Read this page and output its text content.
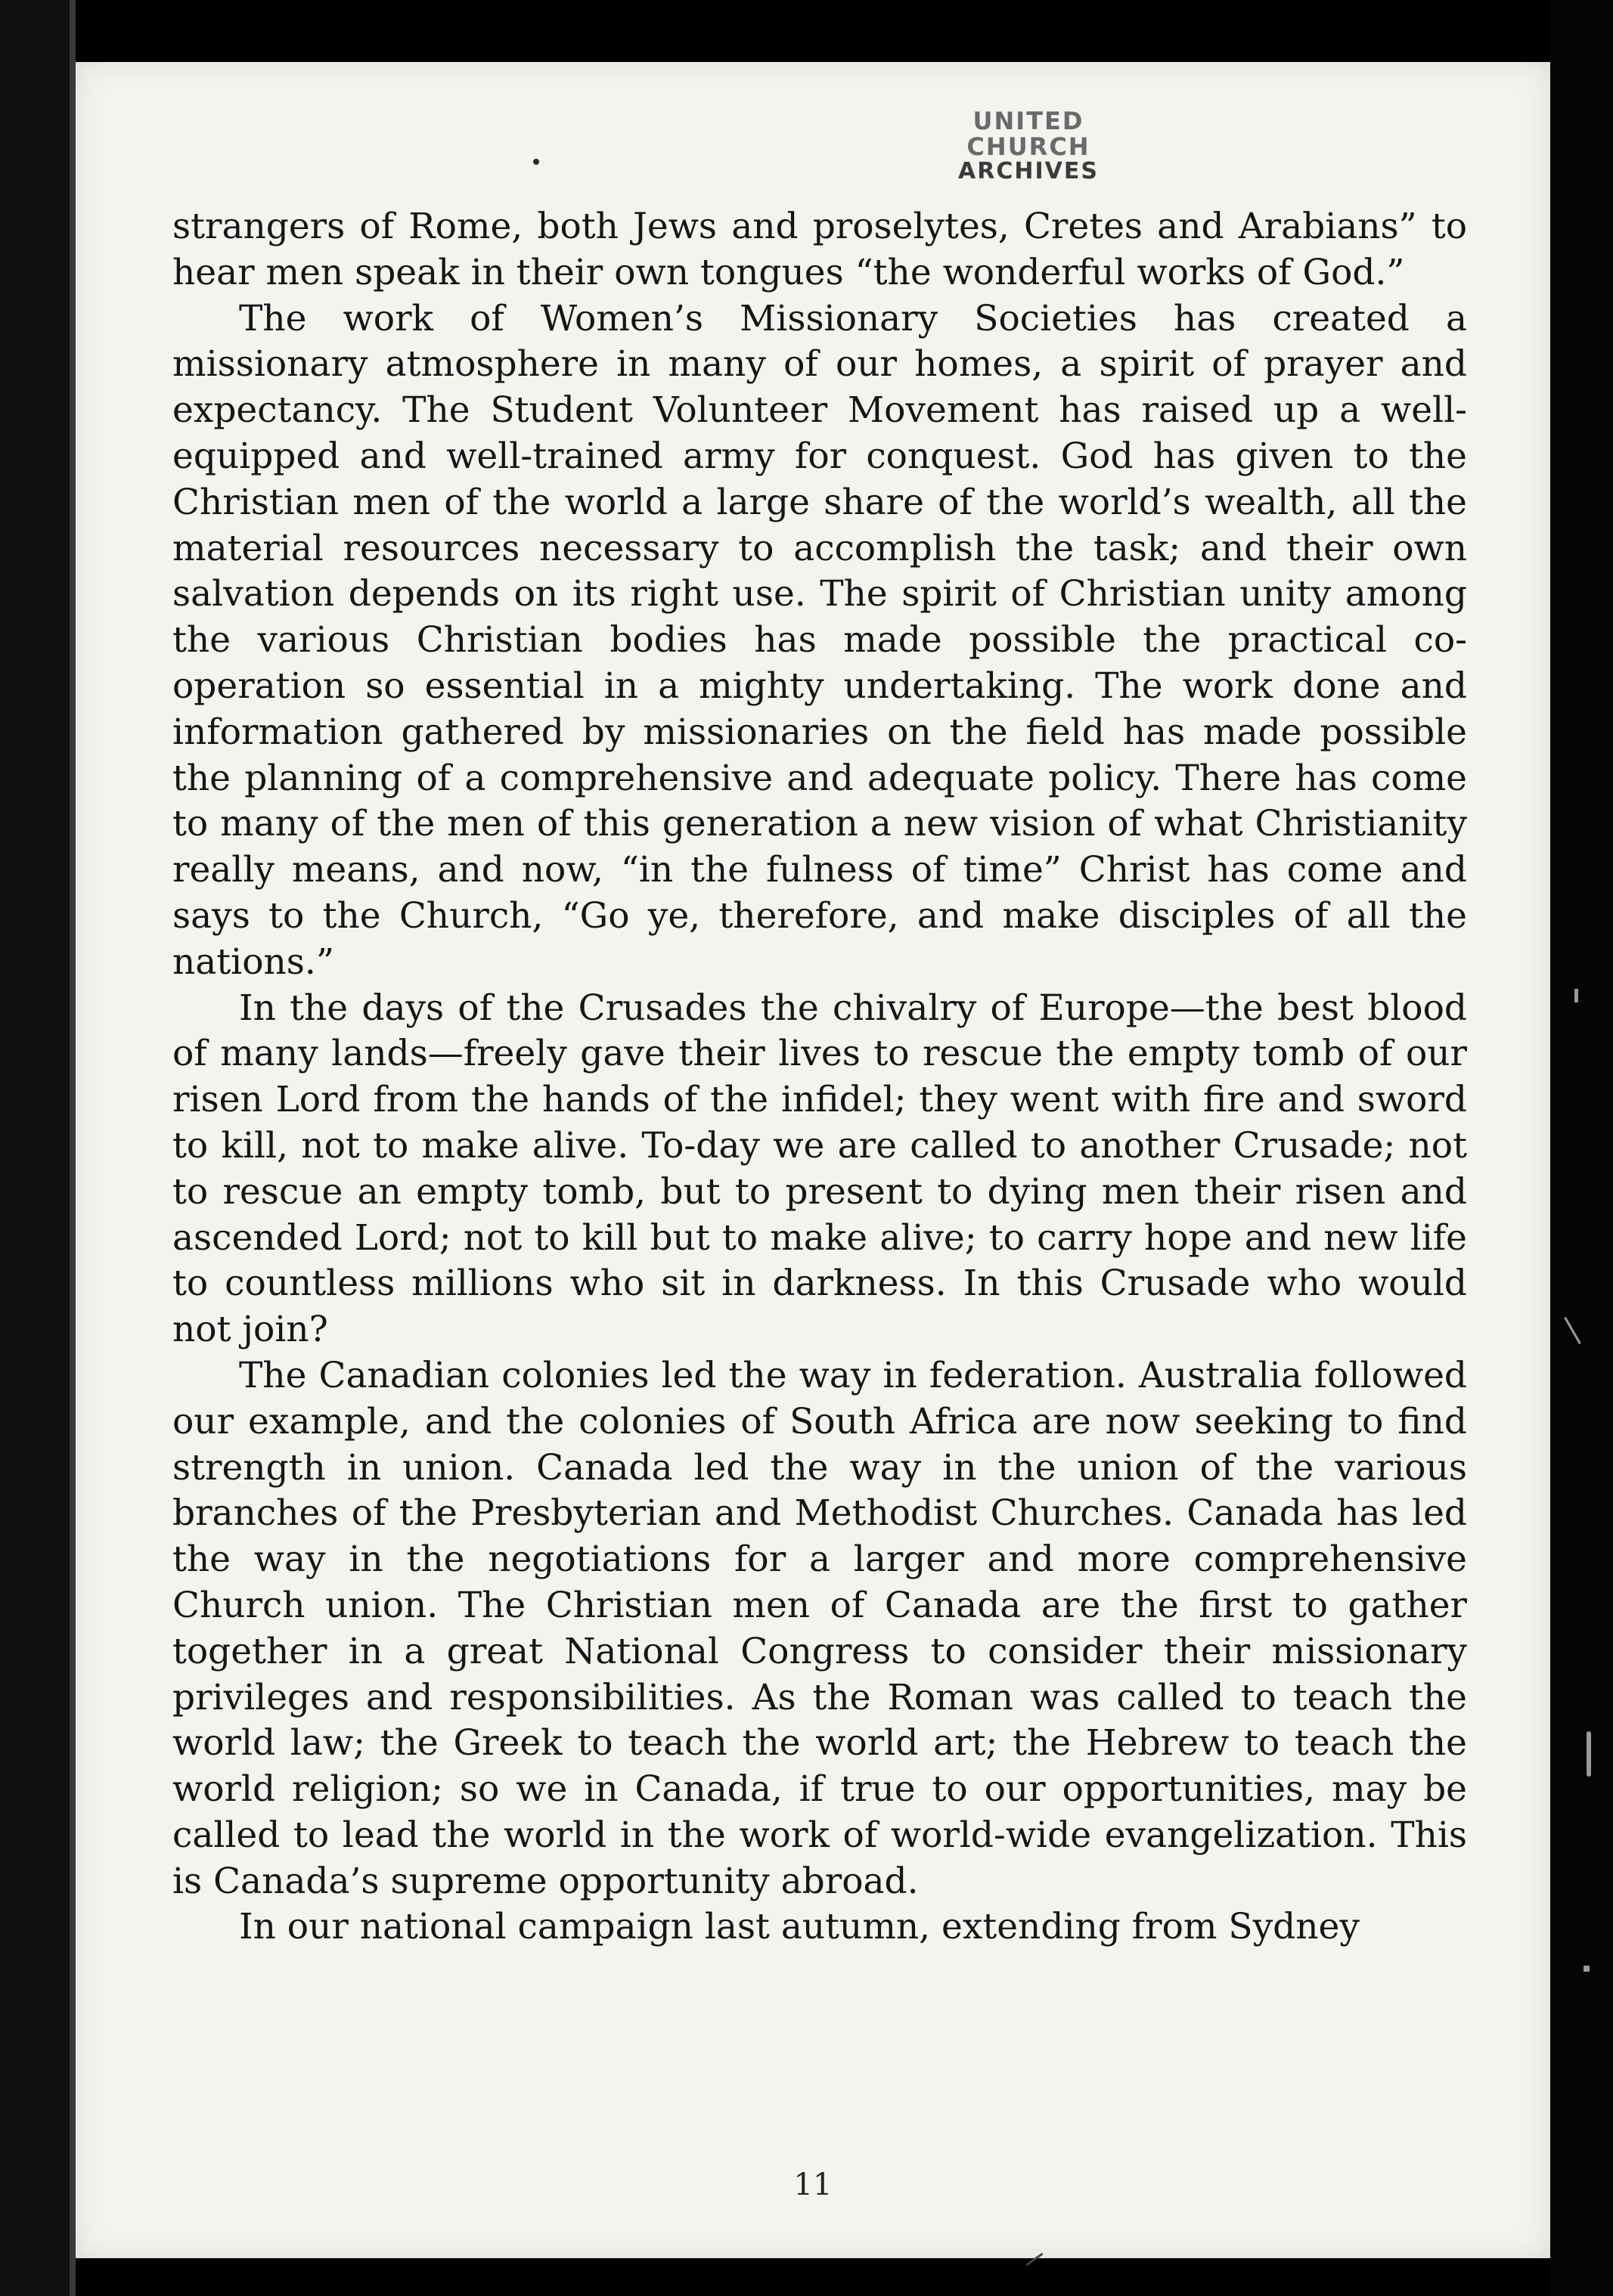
UNITED CHURCH
ARCHIVES

strangers of Rome, both Jews and proselytes, Cretes and Arabians” to hear men speak in their own tongues “the wonderful works of God.”

The work of Women’s Missionary Societies has created a missionary atmosphere in many of our homes, a spirit of prayer and expectancy. The Student Volunteer Movement has raised up a well-equipped and well-trained army for conquest. God has given to the Christian men of the world a large share of the world’s wealth, all the material resources necessary to accomplish the task; and their own salvation depends on its right use. The spirit of Christian unity among the various Christian bodies has made possible the practical co-operation so essential in a mighty undertaking. The work done and information gathered by missionaries on the field has made possible the planning of a comprehensive and adequate policy. There has come to many of the men of this generation a new vision of what Christianity really means, and now, “in the fulness of time” Christ has come and says to the Church, “Go ye, therefore, and make disciples of all the nations.”

In the days of the Crusades the chivalry of Europe—the best blood of many lands—freely gave their lives to rescue the empty tomb of our risen Lord from the hands of the infidel; they went with fire and sword to kill, not to make alive. To-day we are called to another Crusade; not to rescue an empty tomb, but to present to dying men their risen and ascended Lord; not to kill but to make alive; to carry hope and new life to countless millions who sit in darkness. In this Crusade who would not join?

The Canadian colonies led the way in federation. Australia followed our example, and the colonies of South Africa are now seeking to find strength in union. Canada led the way in the union of the various branches of the Presbyterian and Methodist Churches. Canada has led the way in the negotiations for a larger and more comprehensive Church union. The Christian men of Canada are the first to gather together in a great National Congress to consider their missionary privileges and responsibilities. As the Roman was called to teach the world law; the Greek to teach the world art; the Hebrew to teach the world religion; so we in Canada, if true to our opportunities, may be called to lead the world in the work of world-wide evangelization. This is Canada’s supreme opportunity abroad.

In our national campaign last autumn, extending from Sydney

11
